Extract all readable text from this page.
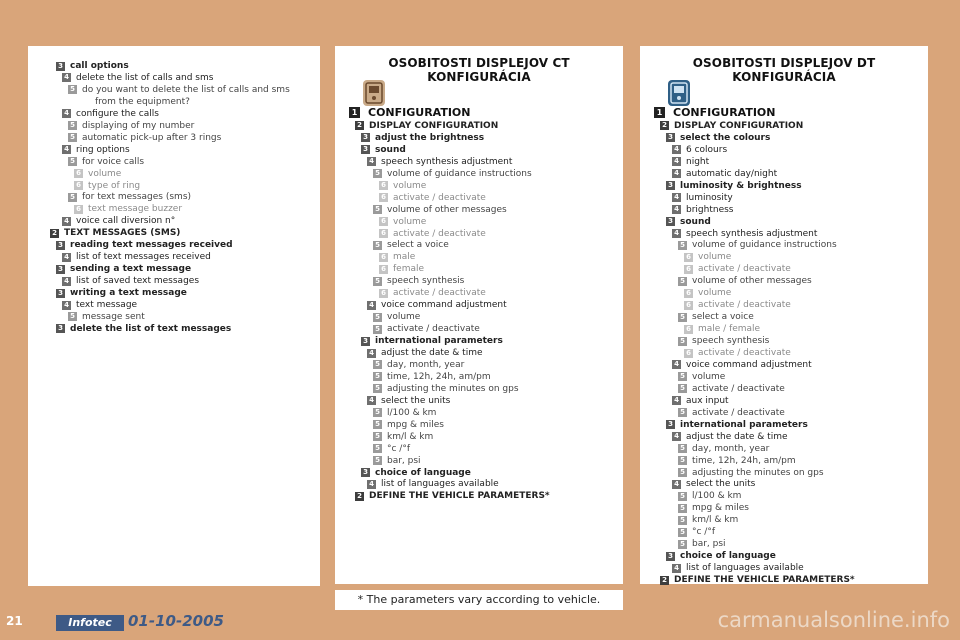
3 call options
4 delete the list of calls and sms
5 do you want to delete the list of calls and sms
from the equipment?
4 configure the calls
5 displaying of my number
5 automatic pick-up after 3 rings
4 ring options
5 for voice calls
6 volume
6 type of ring
5 for text messages (sms)
6 text message buzzer
4 voice call diversion n°
2 TEXT MESSAGES (SMS)
3 reading text messages received
4 list of text messages received
3 sending a text message
4 list of saved text messages
3 writing a text message
4 text message
5 message sent
3 delete the list of text messages
OSOBITOSTI DISPLEJOV CT KONFIGURÁCIA
1 CONFIGURATION
2 DISPLAY CONFIGURATION
3 adjust the brightness
3 sound
4 speech synthesis adjustment
5 volume of guidance instructions
6 volume
6 activate / deactivate
5 volume of other messages
6 volume
6 activate / deactivate
5 select a voice
6 male
6 female
5 speech synthesis
6 activate / deactivate
4 voice command adjustment
5 volume
5 activate / deactivate
3 international parameters
4 adjust the date & time
5 day, month, year
5 time, 12h, 24h, am/pm
5 adjusting the minutes on gps
4 select the units
5 l/100 & km
5 mpg & miles
5 km/l & km
5 °c /°f
5 bar, psi
3 choice of language
4 list of languages available
2 DEFINE THE VEHICLE PARAMETERS*
OSOBITOSTI DISPLEJOV DT KONFIGURÁCIA
1 CONFIGURATION
2 DISPLAY CONFIGURATION
3 select the colours
4 6 colours
4 night
4 automatic day/night
3 luminosity & brightness
4 luminosity
4 brightness
3 sound
4 speech synthesis adjustment
5 volume of guidance instructions
6 volume
6 activate / deactivate
5 volume of other messages
6 volume
6 activate / deactivate
5 select a voice
6 male / female
5 speech synthesis
6 activate / deactivate
4 voice command adjustment
5 volume
5 activate / deactivate
4 aux input
5 activate / deactivate
3 international parameters
4 adjust the date & time
5 day, month, year
5 time, 12h, 24h, am/pm
5 adjusting the minutes on gps
4 select the units
5 l/100 & km
5 mpg & miles
5 km/l & km
5 °c /°f
5 bar, psi
3 choice of language
4 list of languages available
2 DEFINE THE VEHICLE PARAMETERS*
* The parameters vary according to vehicle.
21	Infotec	01-10-2005	carmanualsonline.info
